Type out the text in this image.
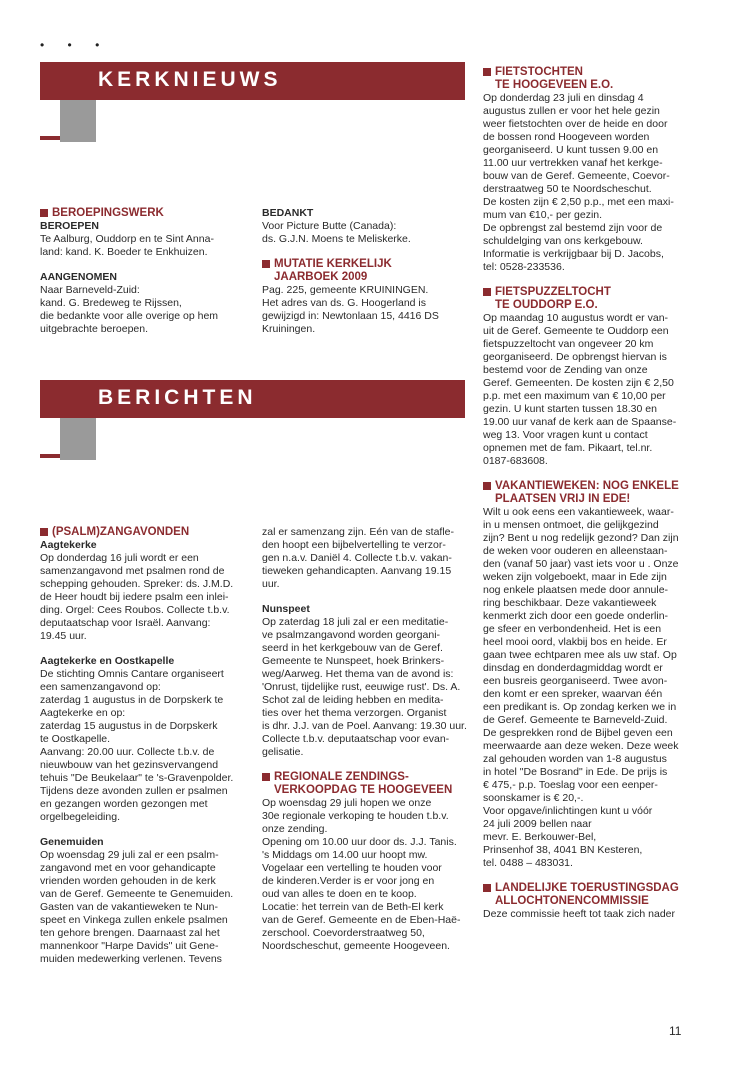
• • •
KERKNIEUWS

BEROEPINGSWERK

BEROEPEN

Te Aalburg, Ouddorp en te Sint Anna-

land: kand. K. Boeder te Enkhuizen.

AANGENOMEN

Naar Barneveld-Zuid:

kand. G. Bredeweg te Rijssen,

die bedankte voor alle overige op hem

uitgebrachte beroepen.

BEDANKT

Voor Picture Butte (Canada):

ds. G.J.N. Moens te Meliskerke.

MUTATIE KERKELIJK

JAARBOEK 2009

Pag. 225, gemeente KRUININGEN.

Het adres van ds. G. Hoogerland is

gewijzigd in: Newtonlaan 15, 4416 DS

Kruiningen.

BERICHTEN

(PSALM)ZANGAVONDEN

Aagtekerke

Op donderdag 16 juli wordt er een

samenzangavond met psalmen rond de

schepping gehouden. Spreker: ds. J.M.D.

de Heer houdt bij iedere psalm een inlei-

ding. Orgel: Cees Roubos. Collecte t.b.v.

deputaatschap voor Israël. Aanvang:

19.45 uur.

Aagtekerke en Oostkapelle

De stichting Omnis Cantare organiseert

een samenzangavond op:

zaterdag 1 augustus in de Dorpskerk te

Aagtekerke en op:

zaterdag 15 augustus in de Dorpskerk

te Oostkapelle.

Aanvang: 20.00 uur. Collecte t.b.v. de

nieuwbouw van het gezinsvervangend

tehuis "De Beukelaar" te 's-Gravenpolder.

Tijdens deze avonden zullen er psalmen

en gezangen worden gezongen met

orgelbegeleiding.

Genemuiden

Op woensdag 29 juli zal er een psalm-

zangavond met en voor gehandicapte

vrienden worden gehouden in de kerk

van de Geref. Gemeente te Genemuiden.

Gasten van de vakantieweken te Nun-

speet en Vinkega zullen enkele psalmen

ten gehore brengen. Daarnaast zal het

mannenkoor "Harpe Davids" uit Gene-

muiden medewerking verlenen. Tevens

zal er samenzang zijn. Eén van de stafle-

den hoopt een bijbelvertelling te verzor-

gen n.a.v. Daniël 4. Collecte t.b.v. vakan-

tieweken gehandicapten. Aanvang 19.15

uur.

Nunspeet

Op zaterdag 18 juli zal er een meditatie-

ve psalmzangavond worden georgani-

seerd in het kerkgebouw van de Geref.

Gemeente te Nunspeet, hoek Brinkers-

weg/Aarweg. Het thema van de avond is:

'Onrust, tijdelijke rust, eeuwige rust'. Ds. A.

Schot zal de leiding hebben en medita-

ties over het thema verzorgen. Organist

is dhr. J.J. van de Poel. Aanvang: 19.30 uur.

Collecte t.b.v. deputaatschap voor evan-

gelisatie.

REGIONALE ZENDINGS-

VERKOOPDAG TE HOOGEVEEN

Op woensdag 29 juli hopen we onze

30e regionale verkoping te houden t.b.v.

onze zending.

Opening om 10.00 uur door ds. J.J. Tanis.

's Middags om 14.00 uur hoopt mw.

Vogelaar een vertelling te houden voor

de kinderen.Verder is er voor jong en

oud van alles te doen en te koop.

Locatie: het terrein van de Beth-El kerk

van de Geref. Gemeente en de Eben-Haë-

zerschool. Coevorderstraatweg 50,

Noordscheschut, gemeente Hoogeveen.

FIETSTOCHTEN

TE HOOGEVEEN E.O.

Op donderdag 23 juli en dinsdag 4

augustus zullen er voor het hele gezin

weer fietstochten over de heide en door

de bossen rond Hoogeveen worden

georganiseerd. U kunt tussen 9.00 en

11.00 uur vertrekken vanaf het kerkge-

bouw van de Geref. Gemeente, Coevor-

derstraatweg 50 te Noordscheschut.

De kosten zijn € 2,50 p.p., met een maxi-

mum van €10,- per gezin.

De opbrengst zal bestemd zijn voor de

schuldelging van ons kerkgebouw.

Informatie is verkrijgbaar bij D. Jacobs,

tel: 0528-233536.

FIETSPUZZELTOCHT

TE OUDDORP E.O.

Op maandag 10 augustus wordt er van-

uit de Geref. Gemeente te Ouddorp een

fietspuzzeltocht van ongeveer 20 km

georganiseerd. De opbrengst hiervan is

bestemd voor de Zending van onze

Geref. Gemeenten. De kosten zijn € 2,50

p.p. met een maximum van € 10,00 per

gezin. U kunt starten tussen 18.30 en

19.00 uur vanaf de kerk aan de Spaanse-

weg 13. Voor vragen kunt u contact

opnemen met de fam. Pikaart, tel.nr.

0187-683608.

VAKANTIEWEKEN: NOG ENKELE

PLAATSEN VRIJ IN EDE!

Wilt u ook eens een vakantieweek, waar-

in u mensen ontmoet, die gelijkgezind

zijn? Bent u nog redelijk gezond? Dan zijn

de weken voor ouderen en alleenstaan-

den (vanaf 50 jaar) vast iets voor u . Onze

weken zijn volgeboekt, maar in Ede zijn

nog enkele plaatsen mede door annule-

ring beschikbaar. Deze vakantieweek

kenmerkt zich door een goede onderlin-

ge sfeer en verbondenheid. Het is een

heel mooi oord, vlakbij bos en heide. Er

gaan twee echtparen mee als uw staf. Op

dinsdag en donderdagmiddag wordt er

een busreis georganiseerd. Twee avon-

den komt er een spreker, waarvan één

een predikant is. Op zondag kerken we in

de Geref. Gemeente te Barneveld-Zuid.

De gesprekken rond de Bijbel geven een

meerwaarde aan deze weken. Deze week

zal gehouden worden van 1-8 augustus

in hotel "De Bosrand" in Ede. De prijs is

€ 475,- p.p. Toeslag voor een eenper-

soonskamer is € 20,-.

Voor opgave/inlichtingen kunt u vóór

24 juli 2009 bellen naar

mevr. E. Berkouwer-Bel,

Prinsenhof 38, 4041 BN Kesteren,

tel. 0488 – 483031.

LANDELIJKE TOERUSTINGSDAG

ALLOCHTONENCOMMISSIE

Deze commissie heeft tot taak zich nader

11
